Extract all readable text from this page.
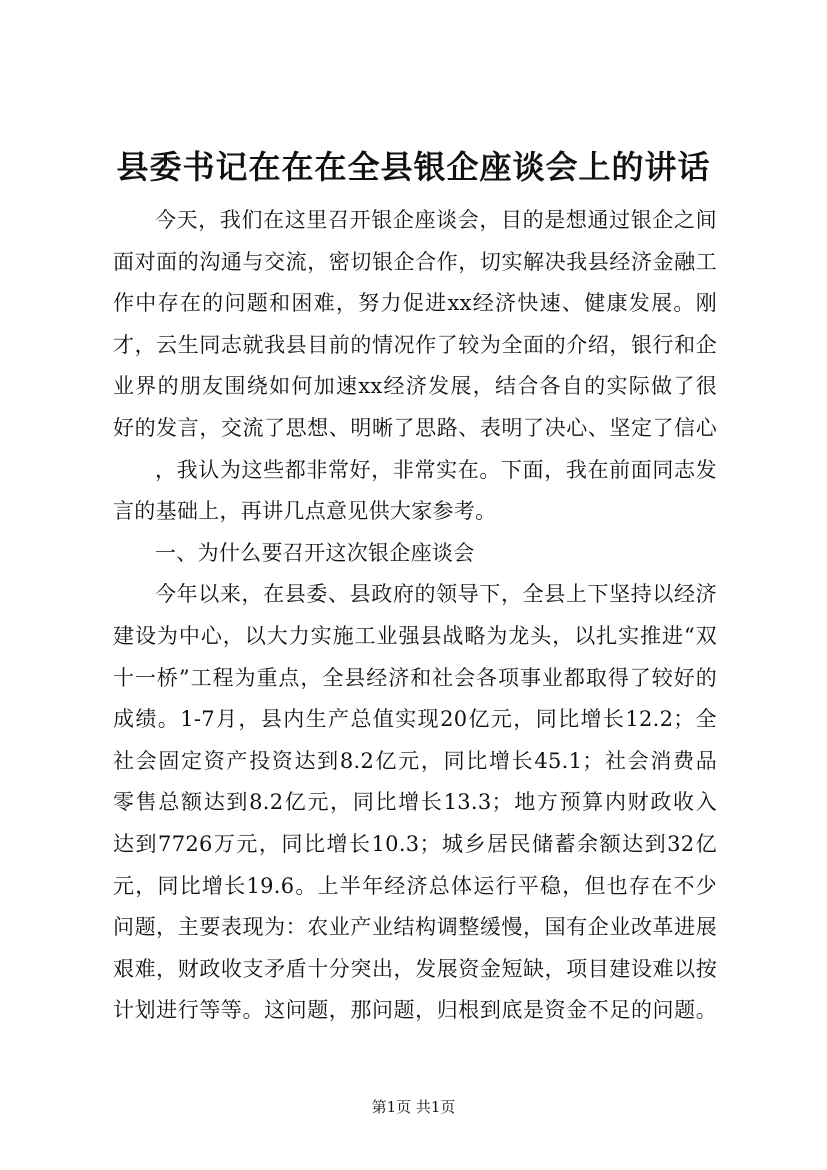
县委书记在在在全县银企座谈会上的讲话
今天，我们在这里召开银企座谈会，目的是想通过银企之间
面对面的沟通与交流，密切银企合作，切实解决我县经济金融工
作中存在的问题和困难，努力促进xx经济快速、健康发展。刚
才，云生同志就我县目前的情况作了较为全面的介绍，银行和企
业界的朋友围绕如何加速xx经济发展，结合各自的实际做了很
好的发言，交流了思想、明晰了思路、表明了决心、坚定了信心
，我认为这些都非常好，非常实在。下面，我在前面同志发
言的基础上，再讲几点意见供大家参考。
一、为什么要召开这次银企座谈会
今年以来，在县委、县政府的领导下，全县上下坚持以经济
建设为中心，以大力实施工业强县战略为龙头，以扎实推进“双
十一桥”工程为重点，全县经济和社会各项事业都取得了较好的
成绩。1-7月，县内生产总值实现20亿元，同比增长12.2；全
社会固定资产投资达到8.2亿元，同比增长45.1；社会消费品
零售总额达到8.2亿元，同比增长13.3；地方预算内财政收入
达到7726万元，同比增长10.3；城乡居民储蓄余额达到32亿
元，同比增长19.6。上半年经济总体运行平稳，但也存在不少
问题，主要表现为：农业产业结构调整缓慢，国有企业改革进展
艰难，财政收支矛盾十分突出，发展资金短缺，项目建设难以按
计划进行等等。这问题，那问题，归根到底是资金不足的问题。
第1页 共1页
